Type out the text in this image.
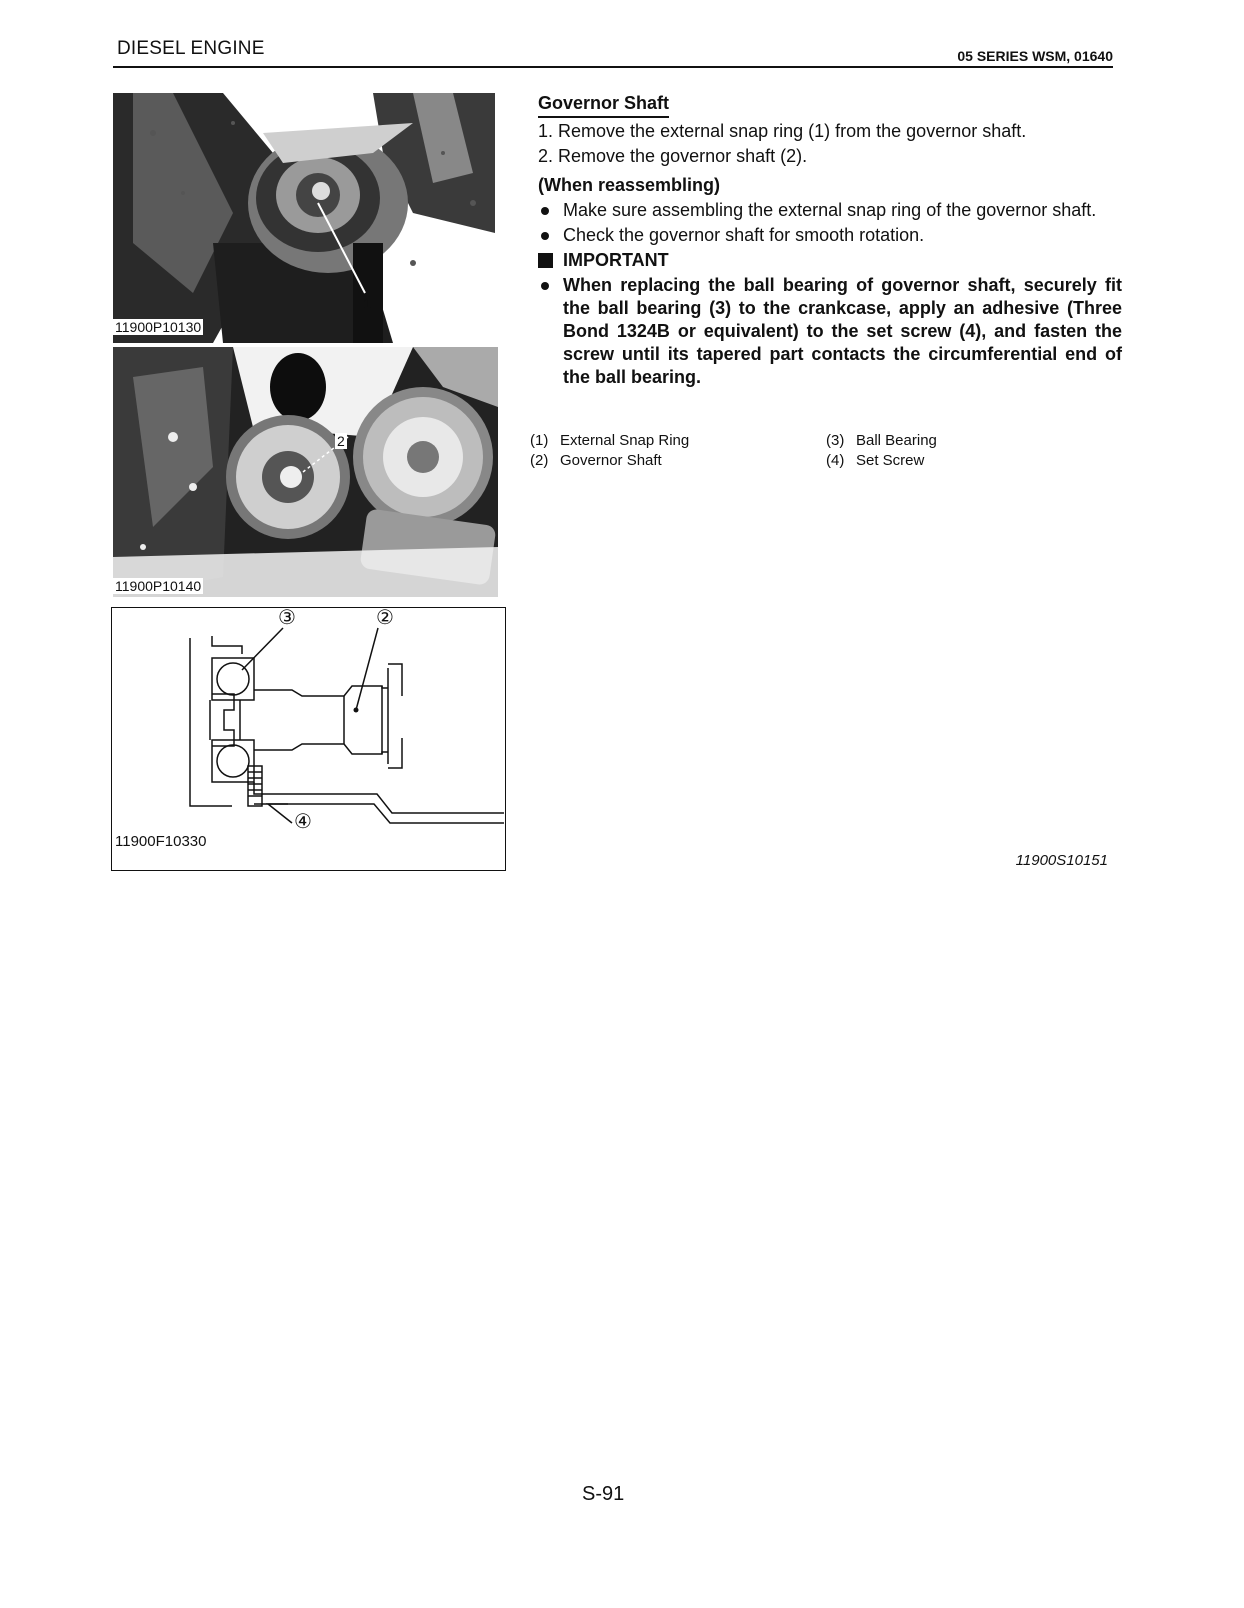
DIESEL ENGINE	05 SERIES WSM, 01640
1
11900P10130
2
11900P10140
③	②
④
11900F10330
Governor Shaft
1. Remove the external snap ring (1) from the governor shaft.
2. Remove the governor shaft (2).
(When reassembling)
Make sure assembling the external snap ring of the governor shaft.
Check the governor shaft for smooth rotation.
IMPORTANT
When replacing the ball bearing of governor shaft, securely fit the ball bearing (3) to the crankcase, apply an adhesive (Three Bond 1324B or equivalent) to the set screw (4), and fasten the screw until its tapered part contacts the circumferential end of the ball bearing.
(1) External Snap Ring
(2) Governor Shaft
(3) Ball Bearing
(4) Set Screw
11900S10151
S-91
